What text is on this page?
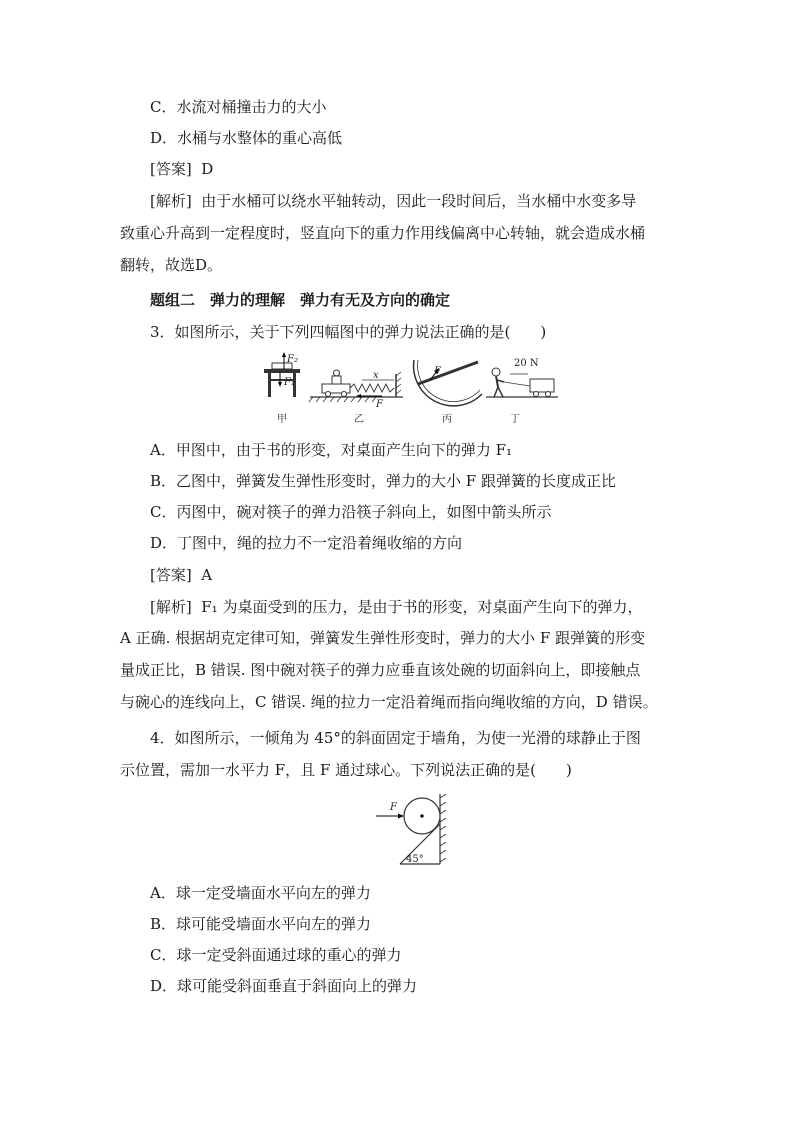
C．水流对桶撞击力的大小
D．水桶与水整体的重心高低
[答案] D
[解析] 由于水桶可以绕水平轴转动，因此一段时间后，当水桶中水变多导
致重心升高到一定程度时，竖直向下的重力作用线偏离中心转轴，就会造成水桶
翻转，故选D。
题组二　弹力的理解　弹力有无及方向的确定
3．如图所示，关于下列四幅图中的弹力说法正确的是(　　)
F₂
F₁
甲
x
F
乙
F
丙
20 N
丁
A．甲图中，由于书的形变，对桌面产生向下的弹力 F₁
B．乙图中，弹簧发生弹性形变时，弹力的大小 F 跟弹簧的长度成正比
C．丙图中，碗对筷子的弹力沿筷子斜向上，如图中箭头所示
D．丁图中，绳的拉力不一定沿着绳收缩的方向
[答案] A
[解析] F₁ 为桌面受到的压力，是由于书的形变，对桌面产生向下的弹力，
A 正确. 根据胡克定律可知，弹簧发生弹性形变时，弹力的大小 F 跟弹簧的形变
量成正比，B 错误. 图中碗对筷子的弹力应垂直该处碗的切面斜向上，即接触点
与碗心的连线向上，C 错误. 绳的拉力一定沿着绳而指向绳收缩的方向，D 错误。
4．如图所示，一倾角为 45°的斜面固定于墙角，为使一光滑的球静止于图
示位置，需加一水平力 F，且 F 通过球心。下列说法正确的是(　　)
F
45°
A．球一定受墙面水平向左的弹力
B．球可能受墙面水平向左的弹力
C．球一定受斜面通过球的重心的弹力
D．球可能受斜面垂直于斜面向上的弹力
